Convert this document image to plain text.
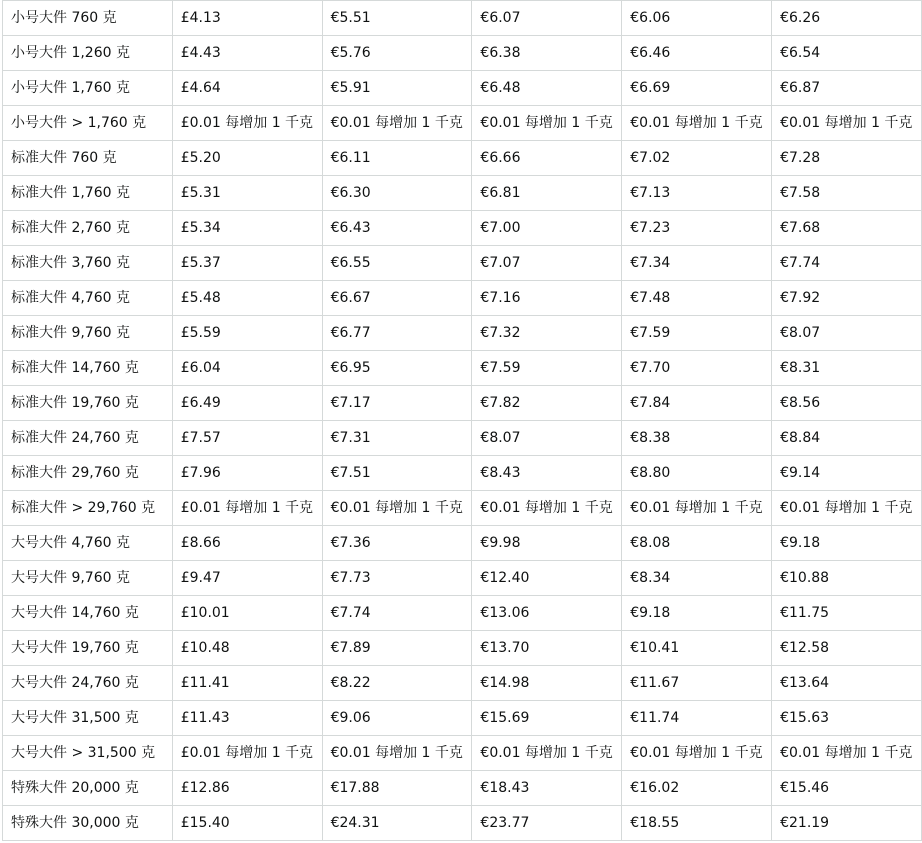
小号大件 760 克	£4.13	€5.51	€6.07	€6.06	€6.26
小号大件 1,260 克	£4.43	€5.76	€6.38	€6.46	€6.54
小号大件 1,760 克	£4.64	€5.91	€6.48	€6.69	€6.87
小号大件 > 1,760 克	£0.01 每增加 1 千克	€0.01 每增加 1 千克	€0.01 每增加 1 千克	€0.01 每增加 1 千克	€0.01 每增加 1 千克
标准大件 760 克	£5.20	€6.11	€6.66	€7.02	€7.28
标准大件 1,760 克	£5.31	€6.30	€6.81	€7.13	€7.58
标准大件 2,760 克	£5.34	€6.43	€7.00	€7.23	€7.68
标准大件 3,760 克	£5.37	€6.55	€7.07	€7.34	€7.74
标准大件 4,760 克	£5.48	€6.67	€7.16	€7.48	€7.92
标准大件 9,760 克	£5.59	€6.77	€7.32	€7.59	€8.07
标准大件 14,760 克	£6.04	€6.95	€7.59	€7.70	€8.31
标准大件 19,760 克	£6.49	€7.17	€7.82	€7.84	€8.56
标准大件 24,760 克	£7.57	€7.31	€8.07	€8.38	€8.84
标准大件 29,760 克	£7.96	€7.51	€8.43	€8.80	€9.14
标准大件 > 29,760 克	£0.01 每增加 1 千克	€0.01 每增加 1 千克	€0.01 每增加 1 千克	€0.01 每增加 1 千克	€0.01 每增加 1 千克
大号大件 4,760 克	£8.66	€7.36	€9.98	€8.08	€9.18
大号大件 9,760 克	£9.47	€7.73	€12.40	€8.34	€10.88
大号大件 14,760 克	£10.01	€7.74	€13.06	€9.18	€11.75
大号大件 19,760 克	£10.48	€7.89	€13.70	€10.41	€12.58
大号大件 24,760 克	£11.41	€8.22	€14.98	€11.67	€13.64
大号大件 31,500 克	£11.43	€9.06	€15.69	€11.74	€15.63
大号大件 > 31,500 克	£0.01 每增加 1 千克	€0.01 每增加 1 千克	€0.01 每增加 1 千克	€0.01 每增加 1 千克	€0.01 每增加 1 千克
特殊大件 20,000 克	£12.86	€17.88	€18.43	€16.02	€15.46
特殊大件 30,000 克	£15.40	€24.31	€23.77	€18.55	€21.19
